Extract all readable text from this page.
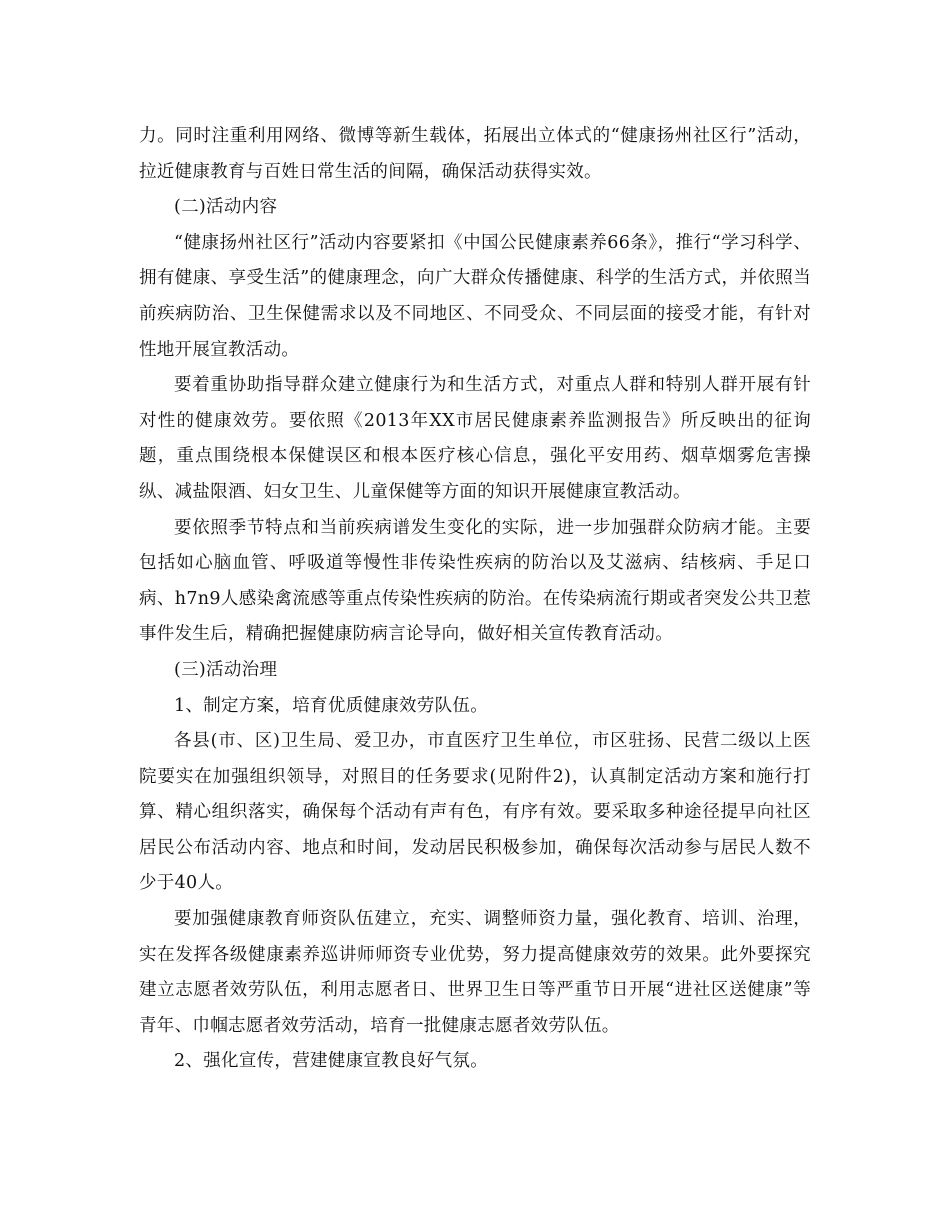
力。同时注重利用网络、微博等新生载体，拓展出立体式的“健康扬州社区行”活动，拉近健康教育与百姓日常生活的间隔，确保活动获得实效。

(二)活动内容

“健康扬州社区行”活动内容要紧扣《中国公民健康素养66条》，推行“学习科学、拥有健康、享受生活”的健康理念，向广大群众传播健康、科学的生活方式，并依照当前疾病防治、卫生保健需求以及不同地区、不同受众、不同层面的接受才能，有针对性地开展宣教活动。

要着重协助指导群众建立健康行为和生活方式，对重点人群和特别人群开展有针对性的健康效劳。要依照《2013年XX市居民健康素养监测报告》所反映出的征询题，重点围绕根本保健误区和根本医疗核心信息，强化平安用药、烟草烟雾危害操纵、减盐限酒、妇女卫生、儿童保健等方面的知识开展健康宣教活动。

要依照季节特点和当前疾病谱发生变化的实际，进一步加强群众防病才能。主要包括如心脑血管、呼吸道等慢性非传染性疾病的防治以及艾滋病、结核病、手足口病、h7n9人感染禽流感等重点传染性疾病的防治。在传染病流行期或者突发公共卫惹事件发生后，精确把握健康防病言论导向，做好相关宣传教育活动。

(三)活动治理

1、制定方案，培育优质健康效劳队伍。

各县(市、区)卫生局、爱卫办，市直医疗卫生单位，市区驻扬、民营二级以上医院要实在加强组织领导，对照目的任务要求(见附件2)，认真制定活动方案和施行打算、精心组织落实，确保每个活动有声有色，有序有效。要采取多种途径提早向社区居民公布活动内容、地点和时间，发动居民积极参加，确保每次活动参与居民人数不少于40人。

要加强健康教育师资队伍建立，充实、调整师资力量，强化教育、培训、治理，实在发挥各级健康素养巡讲师师资专业优势，努力提高健康效劳的效果。此外要探究建立志愿者效劳队伍，利用志愿者日、世界卫生日等严重节日开展“进社区送健康”等青年、巾帼志愿者效劳活动，培育一批健康志愿者效劳队伍。

2、强化宣传，营建健康宣教良好气氛。
